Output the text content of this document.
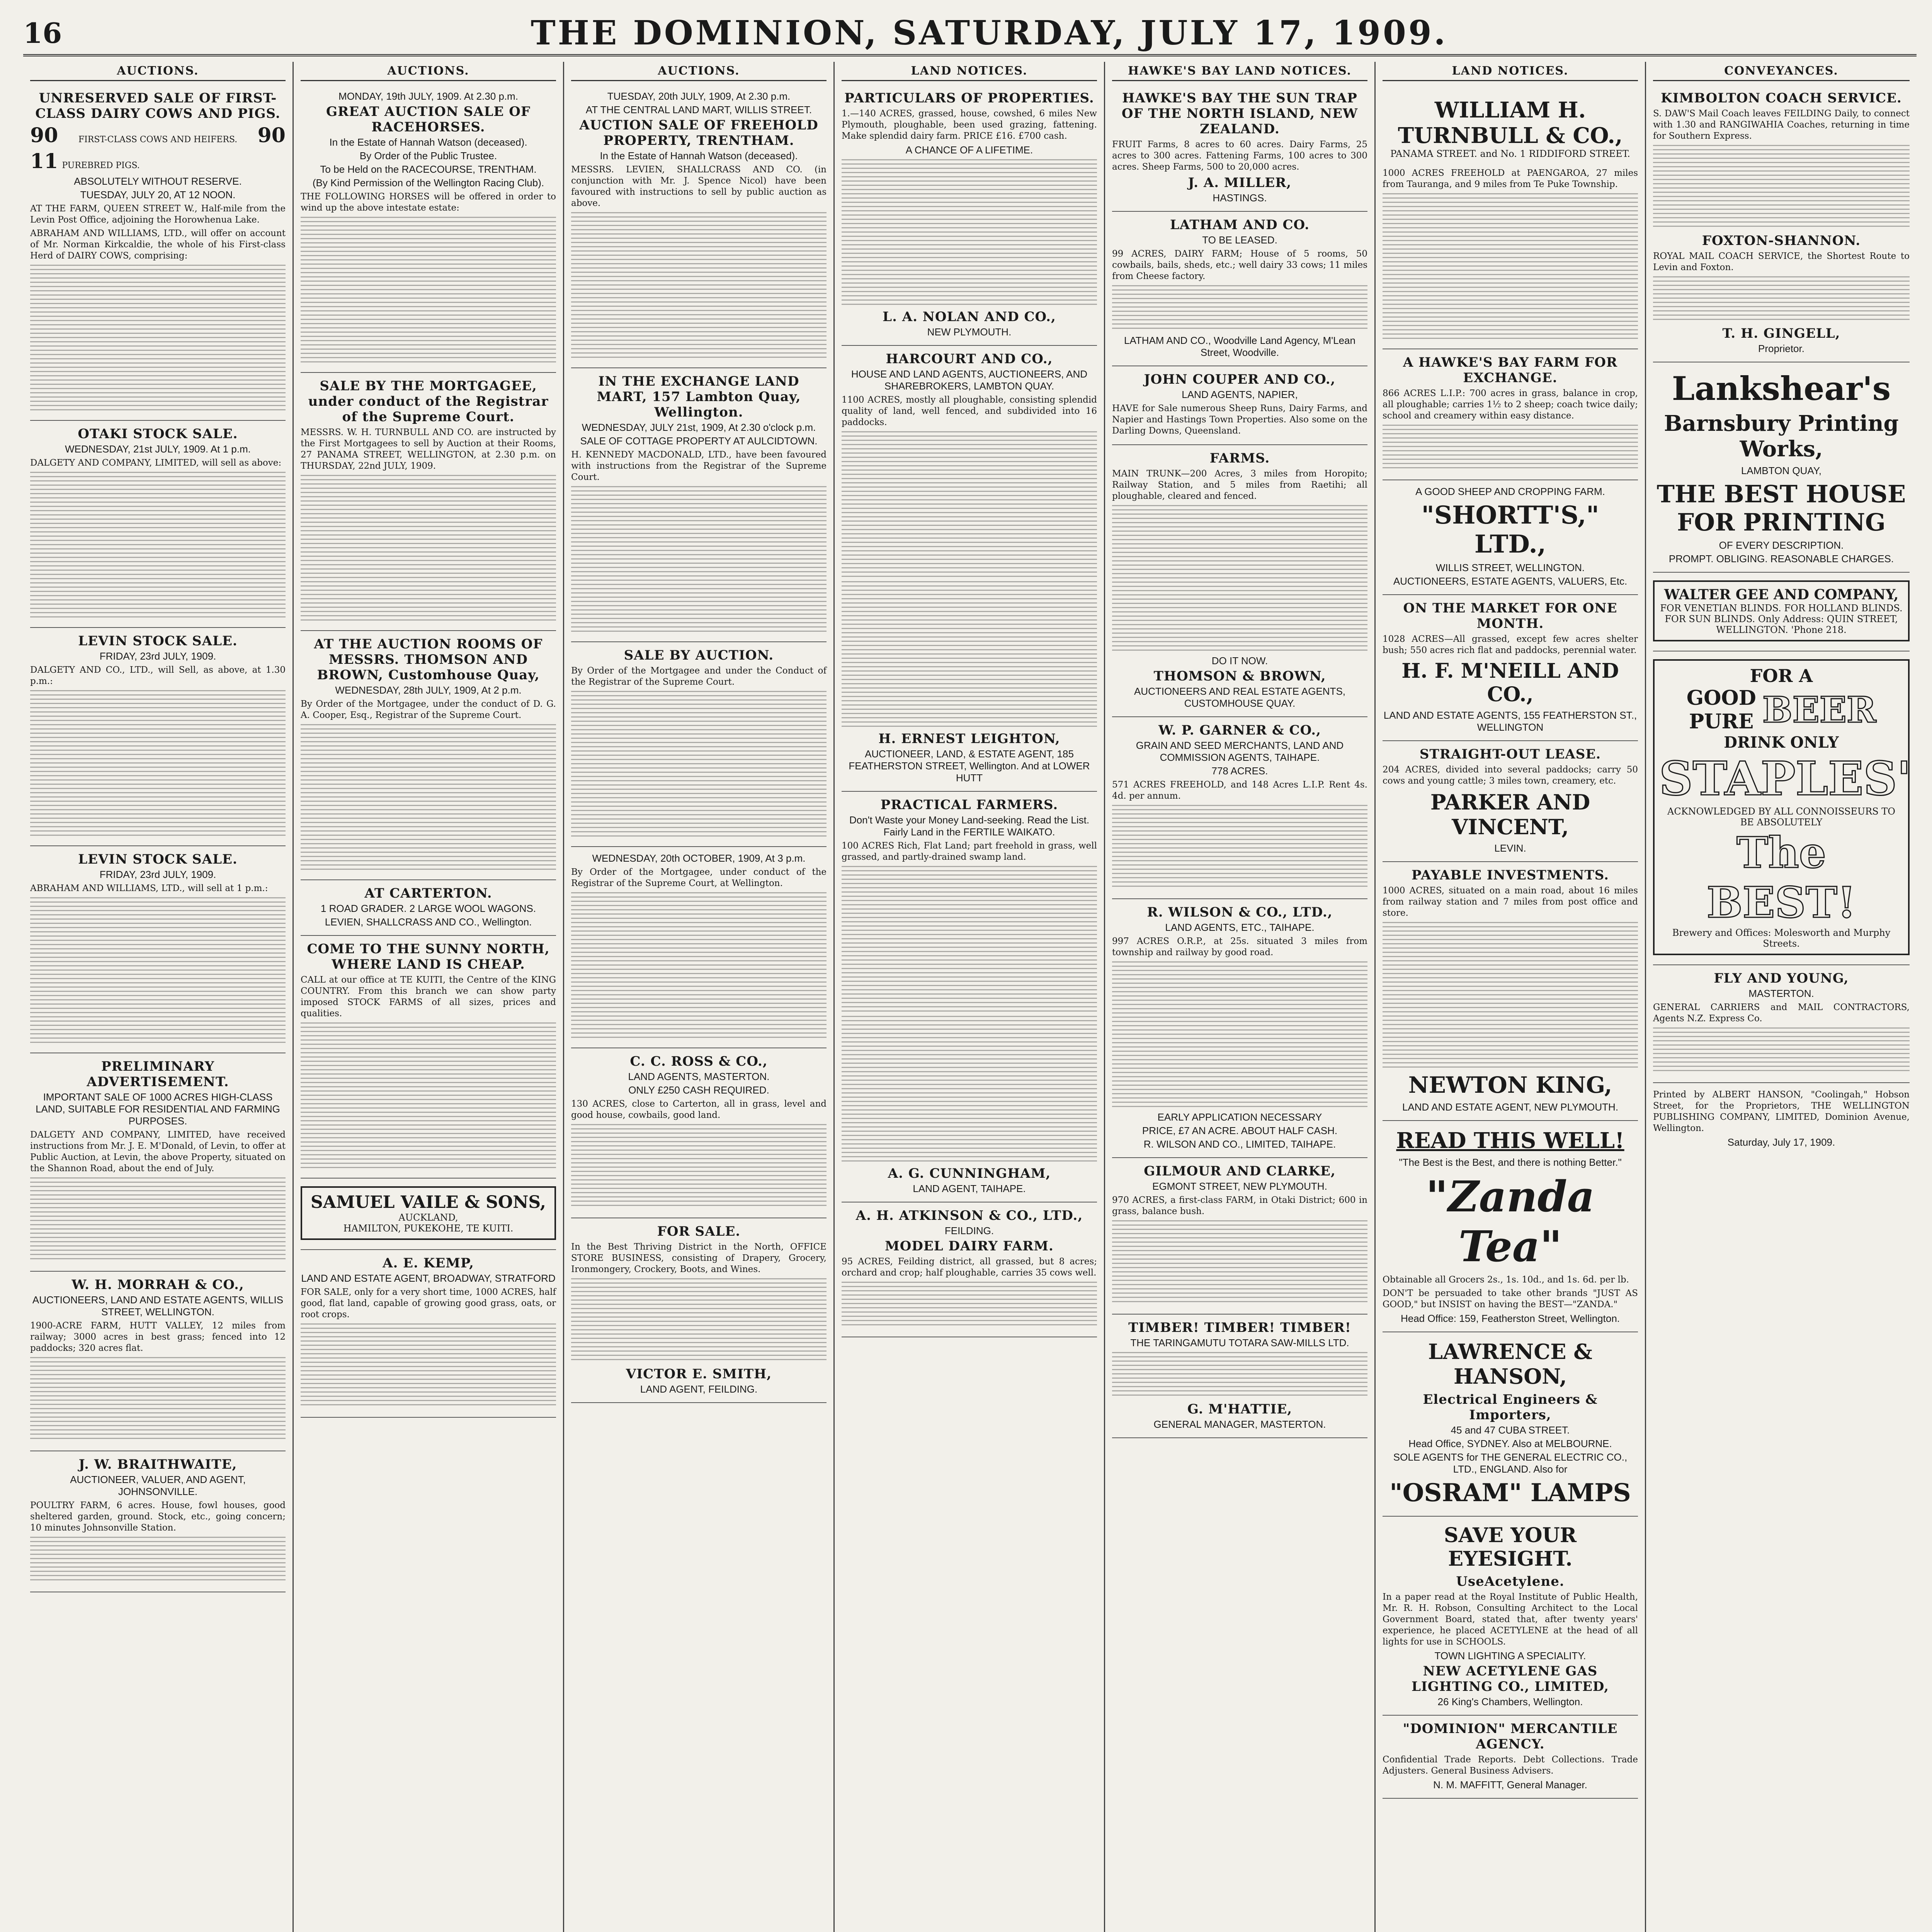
16	THE DOMINION, SATURDAY, JULY 17, 1909.
AUCTIONS.
UNRESERVED SALE OF FIRST-CLASS DAIRY COWS AND PIGS.
90 FIRST-CLASS COWS AND HEIFERS. 90
11 PUREBRED PIGS.
ABSOLUTELY WITHOUT RESERVE.
TUESDAY, JULY 20, AT 12 NOON.

AT THE FARM, QUEEN STREET W., Half-mile from the Levin Post Office, adjoining the Horowhenua Lake.

ABRAHAM AND WILLIAMS, LTD., will offer on account of Mr. Norman Kirkcaldie, the whole of his First-class Herd of DAIRY COWS, comprising:

OTAKI STOCK SALE.
WEDNESDAY, 21st JULY, 1909. At 1 p.m.

DALGETY AND COMPANY, LIMITED, will sell as above:

LEVIN STOCK SALE.
FRIDAY, 23rd JULY, 1909.

DALGETY AND CO., LTD., will Sell, as above, at 1.30 p.m.:

LEVIN STOCK SALE.
FRIDAY, 23rd JULY, 1909.

ABRAHAM AND WILLIAMS, LTD., will sell at 1 p.m.:

PRELIMINARY ADVERTISEMENT.
IMPORTANT SALE OF 1000 ACRES HIGH-CLASS LAND, SUITABLE FOR RESIDENTIAL AND FARMING PURPOSES.

DALGETY AND COMPANY, LIMITED, have received instructions from Mr. J. E. M'Donald, of Levin, to offer at Public Auction, at Levin, the above Property, situated on the Shannon Road, about the end of July.

W. H. MORRAH & CO.,
AUCTIONEERS, LAND AND ESTATE AGENTS, WILLIS STREET, WELLINGTON.

1900-ACRE FARM, HUTT VALLEY, 12 miles from railway; 3000 acres in best grass; fenced into 12 paddocks; 320 acres flat.

J. W. BRAITHWAITE,
AUCTIONEER, VALUER, AND AGENT, JOHNSONVILLE.

POULTRY FARM, 6 acres. House, fowl houses, good sheltered garden, ground. Stock, etc., going concern; 10 minutes Johnsonville Station.

AUCTIONS.
MONDAY, 19th JULY, 1909. At 2.30 p.m.
GREAT AUCTION SALE OF RACEHORSES.
In the Estate of Hannah Watson (deceased).
By Order of the Public Trustee.
To be Held on the RACECOURSE, TRENTHAM.
(By Kind Permission of the Wellington Racing Club).

THE FOLLOWING HORSES will be offered in order to wind up the above intestate estate:

SALE BY THE MORTGAGEE, under conduct of the Registrar of the Supreme Court.

MESSRS. W. H. TURNBULL AND CO. are instructed by the First Mortgagees to sell by Auction at their Rooms, 27 PANAMA STREET, WELLINGTON, at 2.30 p.m. on THURSDAY, 22nd JULY, 1909.

AT THE AUCTION ROOMS OF MESSRS. THOMSON AND BROWN, Customhouse Quay,
WEDNESDAY, 28th JULY, 1909, At 2 p.m.

By Order of the Mortgagee, under the conduct of D. G. A. Cooper, Esq., Registrar of the Supreme Court.

AT CARTERTON.
1 ROAD GRADER. 2 LARGE WOOL WAGONS.
LEVIEN, SHALLCRASS AND CO., Wellington.
COME TO THE SUNNY NORTH, WHERE LAND IS CHEAP.

CALL at our office at TE KUITI, the Centre of the KING COUNTRY. From this branch we can show party imposed STOCK FARMS of all sizes, prices and qualities.

SAMUEL VAILE & SONS,
AUCKLAND,
HAMILTON, PUKEKOHE, TE KUITI.
A. E. KEMP,
LAND AND ESTATE AGENT, BROADWAY, STRATFORD

FOR SALE, only for a very short time, 1000 ACRES, half good, flat land, capable of growing good grass, oats, or root crops.

AUCTIONS.
TUESDAY, 20th JULY, 1909, At 2.30 p.m.
AT THE CENTRAL LAND MART, WILLIS STREET.
AUCTION SALE OF FREEHOLD PROPERTY, TRENTHAM.
In the Estate of Hannah Watson (deceased).

MESSRS. LEVIEN, SHALLCRASS AND CO. (in conjunction with Mr. J. Spence Nicol) have been favoured with instructions to sell by public auction as above.

IN THE EXCHANGE LAND MART, 157 Lambton Quay, Wellington.
WEDNESDAY, JULY 21st, 1909, At 2.30 o'clock p.m.
SALE OF COTTAGE PROPERTY AT AULCIDTOWN.

H. KENNEDY MACDONALD, LTD., have been favoured with instructions from the Registrar of the Supreme Court.

SALE BY AUCTION.

By Order of the Mortgagee and under the Conduct of the Registrar of the Supreme Court.

WEDNESDAY, 20th OCTOBER, 1909, At 3 p.m.

By Order of the Mortgagee, under conduct of the Registrar of the Supreme Court, at Wellington.

C. C. ROSS & CO.,
LAND AGENTS, MASTERTON.
ONLY £250 CASH REQUIRED.

130 ACRES, close to Carterton, all in grass, level and good house, cowbails, good land.

FOR SALE.

In the Best Thriving District in the North, OFFICE STORE BUSINESS, consisting of Drapery, Grocery, Ironmongery, Crockery, Boots, and Wines.

VICTOR E. SMITH,
LAND AGENT, FEILDING.
LAND NOTICES.
PARTICULARS OF PROPERTIES.

1.—140 ACRES, grassed, house, cowshed, 6 miles New Plymouth, ploughable, been used grazing, fattening. Make splendid dairy farm. PRICE £16. £700 cash.

A CHANCE OF A LIFETIME.
L. A. NOLAN AND CO.,
NEW PLYMOUTH.
HARCOURT AND CO.,
HOUSE AND LAND AGENTS, AUCTIONEERS, AND SHAREBROKERS, LAMBTON QUAY.

1100 ACRES, mostly all ploughable, consisting splendid quality of land, well fenced, and subdivided into 16 paddocks.

H. ERNEST LEIGHTON,
AUCTIONEER, LAND, & ESTATE AGENT, 185 FEATHERSTON STREET, Wellington. And at LOWER HUTT
PRACTICAL FARMERS.
Don't Waste your Money Land-seeking. Read the List. Fairly Land in the FERTILE WAIKATO.

100 ACRES Rich, Flat Land; part freehold in grass, well grassed, and partly-drained swamp land.

A. G. CUNNINGHAM,
LAND AGENT, TAIHAPE.
A. H. ATKINSON & CO., LTD.,
FEILDING.
MODEL DAIRY FARM.

95 ACRES, Feilding district, all grassed, but 8 acres; orchard and crop; half ploughable, carries 35 cows well.

HAWKE'S BAY LAND NOTICES.
HAWKE'S BAY THE SUN TRAP OF THE NORTH ISLAND, NEW ZEALAND.

FRUIT Farms, 8 acres to 60 acres. Dairy Farms, 25 acres to 300 acres. Fattening Farms, 100 acres to 300 acres. Sheep Farms, 500 to 20,000 acres.

J. A. MILLER,
HASTINGS.
LATHAM AND CO.
TO BE LEASED.

99 ACRES, DAIRY FARM; House of 5 rooms, 50 cowbails, bails, sheds, etc.; well dairy 33 cows; 11 miles from Cheese factory.

LATHAM AND CO., Woodville Land Agency, M'Lean Street, Woodville.
JOHN COUPER AND CO.,
LAND AGENTS, NAPIER,

HAVE for Sale numerous Sheep Runs, Dairy Farms, and Napier and Hastings Town Properties. Also some on the Darling Downs, Queensland.

FARMS.

MAIN TRUNK—200 Acres, 3 miles from Horopito; Railway Station, and 5 miles from Raetihi; all ploughable, cleared and fenced.

DO IT NOW.
THOMSON & BROWN,
AUCTIONEERS AND REAL ESTATE AGENTS, CUSTOMHOUSE QUAY.
W. P. GARNER & CO.,
GRAIN AND SEED MERCHANTS, LAND AND COMMISSION AGENTS, TAIHAPE.
778 ACRES.

571 ACRES FREEHOLD, and 148 Acres L.I.P. Rent 4s. 4d. per annum.

R. WILSON & CO., LTD.,
LAND AGENTS, ETC., TAIHAPE.

997 ACRES O.R.P., at 25s. situated 3 miles from township and railway by good road.

EARLY APPLICATION NECESSARY
PRICE, £7 AN ACRE. ABOUT HALF CASH.
R. WILSON AND CO., LIMITED, TAIHAPE.
GILMOUR AND CLARKE,
EGMONT STREET, NEW PLYMOUTH.

970 ACRES, a first-class FARM, in Otaki District; 600 in grass, balance bush.

TIMBER! TIMBER! TIMBER!
THE TARINGAMUTU TOTARA SAW-MILLS LTD.
G. M'HATTIE,
GENERAL MANAGER, MASTERTON.
LAND NOTICES.
WILLIAM H. TURNBULL & CO.,
PANAMA STREET. and No. 1 RIDDIFORD STREET.

1000 ACRES FREEHOLD at PAENGAROA, 27 miles from Tauranga, and 9 miles from Te Puke Township.

A HAWKE'S BAY FARM FOR EXCHANGE.

866 ACRES L.I.P.: 700 acres in grass, balance in crop, all ploughable; carries 1½ to 2 sheep; coach twice daily; school and creamery within easy distance.

A GOOD SHEEP AND CROPPING FARM.
"SHORTT'S," LTD.,
WILLIS STREET, WELLINGTON.
AUCTIONEERS, ESTATE AGENTS, VALUERS, Etc.
ON THE MARKET FOR ONE MONTH.

1028 ACRES—All grassed, except few acres shelter bush; 550 acres rich flat and paddocks, perennial water.

H. F. M'NEILL AND CO.,
LAND AND ESTATE AGENTS, 155 FEATHERSTON ST., WELLINGTON
STRAIGHT-OUT LEASE.

204 ACRES, divided into several paddocks; carry 50 cows and young cattle; 3 miles town, creamery, etc.

PARKER AND VINCENT,
LEVIN.
PAYABLE INVESTMENTS.

1000 ACRES, situated on a main road, about 16 miles from railway station and 7 miles from post office and store.

NEWTON KING,
LAND AND ESTATE AGENT, NEW PLYMOUTH.
READ THIS WELL!
"The Best is the Best, and there is nothing Better."
"Zanda Tea"

Obtainable all Grocers 2s., 1s. 10d., and 1s. 6d. per lb.

DON'T be persuaded to take other brands "JUST AS GOOD," but INSIST on having the BEST—"ZANDA."

Head Office: 159, Featherston Street, Wellington.
LAWRENCE & HANSON,
Electrical Engineers & Importers,
45 and 47 CUBA STREET.
Head Office, SYDNEY. Also at MELBOURNE.
SOLE AGENTS for THE GENERAL ELECTRIC CO., LTD., ENGLAND. Also for
"OSRAM" LAMPS
SAVE YOUR EYESIGHT.
UseAcetylene.

In a paper read at the Royal Institute of Public Health, Mr. R. H. Robson, Consulting Architect to the Local Government Board, stated that, after twenty years' experience, he placed ACETYLENE at the head of all lights for use in SCHOOLS.

TOWN LIGHTING A SPECIALITY.
NEW ACETYLENE GAS LIGHTING CO., LIMITED,
26 King's Chambers, Wellington.
"DOMINION" MERCANTILE AGENCY.

Confidential Trade Reports. Debt Collections. Trade Adjusters. General Business Advisers.

N. M. MAFFITT, General Manager.
CONVEYANCES.
KIMBOLTON COACH SERVICE.

S. DAW'S Mail Coach leaves FEILDING Daily, to connect with 1.30 and RANGIWAHIA Coaches, returning in time for Southern Express.

FOXTON-SHANNON.

ROYAL MAIL COACH SERVICE, the Shortest Route to Levin and Foxton.

T. H. GINGELL,
Proprietor.
Lankshear's
Barnsbury Printing Works,
LAMBTON QUAY,
THE BEST HOUSE FOR PRINTING
OF EVERY DESCRIPTION.
PROMPT. OBLIGING. REASONABLE CHARGES.
WALTER GEE AND COMPANY,
FOR VENETIAN BLINDS. FOR HOLLAND BLINDS. FOR SUN BLINDS. Only Address: QUIN STREET, WELLINGTON. 'Phone 218.
FOR A
GOOD
PURE BEER
DRINK ONLY
STAPLES'
ACKNOWLEDGED BY ALL CONNOISSEURS TO BE ABSOLUTELY
The BEST!
Brewery and Offices: Molesworth and Murphy Streets.
FLY AND YOUNG,
MASTERTON.

GENERAL CARRIERS and MAIL CONTRACTORS, Agents N.Z. Express Co.

Printed by ALBERT HANSON, "Coolingah," Hobson Street, for the Proprietors, THE WELLINGTON PUBLISHING COMPANY, LIMITED, Dominion Avenue, Wellington.

Saturday, July 17, 1909.
